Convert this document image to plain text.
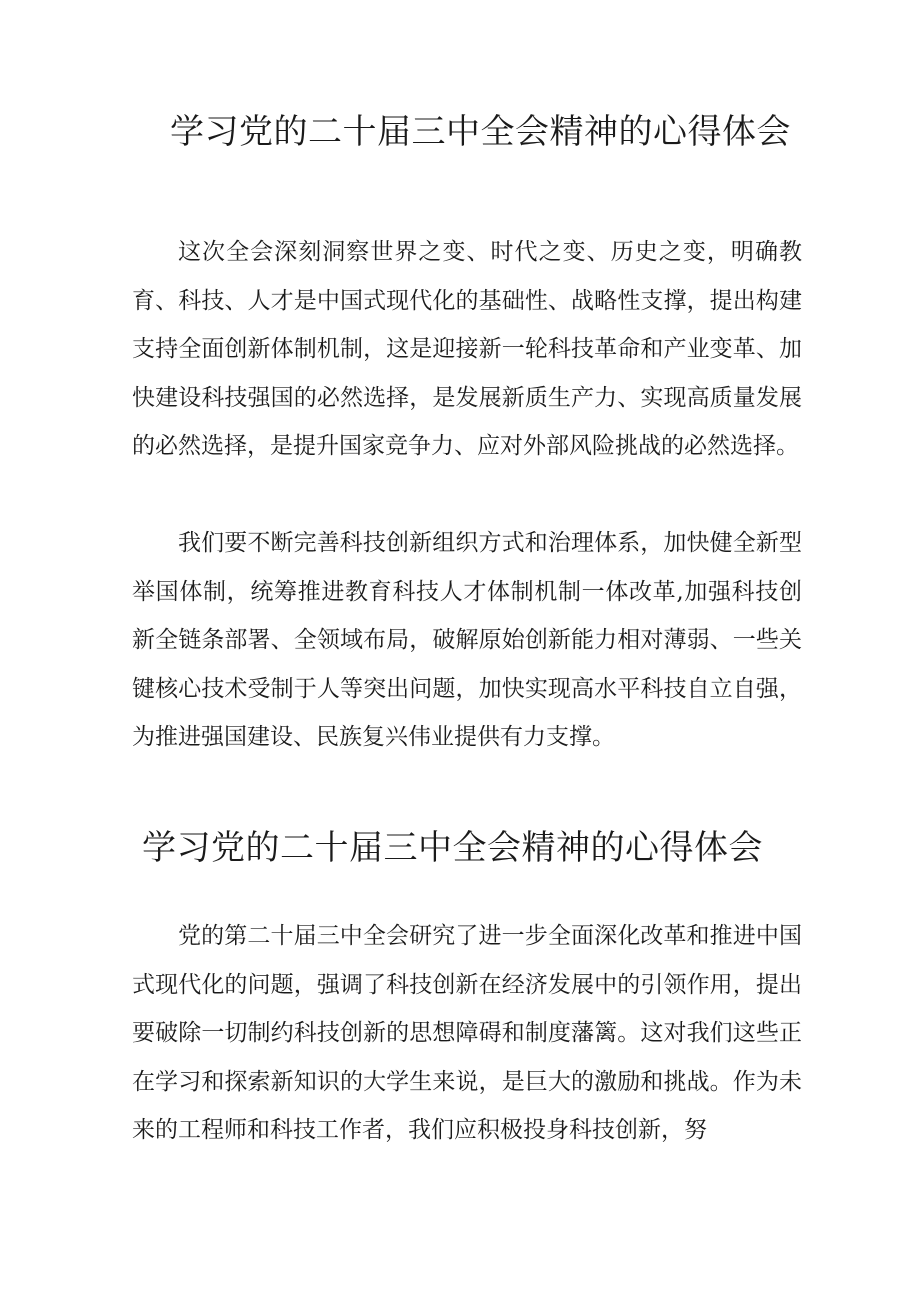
学习党的二十届三中全会精神的心得体会

这次全会深刻洞察世界之变、时代之变、历史之变，明确教育、科技、人才是中国式现代化的基础性、战略性支撑，提出构建支持全面创新体制机制，这是迎接新一轮科技革命和产业变革、加快建设科技强国的必然选择，是发展新质生产力、实现高质量发展的必然选择，是提升国家竞争力、应对外部风险挑战的必然选择。

我们要不断完善科技创新组织方式和治理体系，加快健全新型举国体制，统筹推进教育科技人才体制机制一体改革,加强科技创新全链条部署、全领域布局，破解原始创新能力相对薄弱、一些关键核心技术受制于人等突出问题，加快实现高水平科技自立自强，为推进强国建设、民族复兴伟业提供有力支撑。

学习党的二十届三中全会精神的心得体会

党的第二十届三中全会研究了进一步全面深化改革和推进中国式现代化的问题，强调了科技创新在经济发展中的引领作用，提出要破除一切制约科技创新的思想障碍和制度藩篱。这对我们这些正在学习和探索新知识的大学生来说，是巨大的激励和挑战。作为未来的工程师和科技工作者，我们应积极投身科技创新，努
